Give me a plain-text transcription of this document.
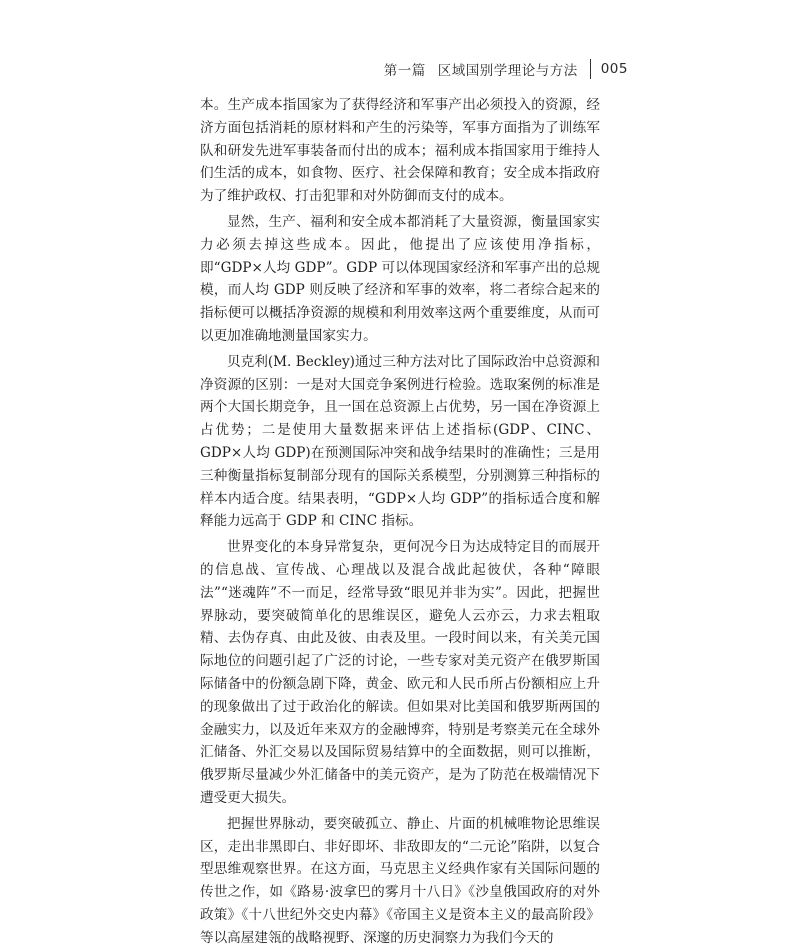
第一篇 区域国别学理论与方法 005

本。生产成本指国家为了获得经济和军事产出必须投入的资源，经济方面包括消耗的原材料和产生的污染等，军事方面指为了训练军队和研发先进军事装备而付出的成本；福利成本指国家用于维持人们生活的成本，如食物、医疗、社会保障和教育；安全成本指政府为了维护政权、打击犯罪和对外防御而支付的成本。

显然，生产、福利和安全成本都消耗了大量资源，衡量国家实力必须去掉这些成本。因此，他提出了应该使用净指标，即“GDP×人均 GDP”。GDP 可以体现国家经济和军事产出的总规模，而人均 GDP 则反映了经济和军事的效率，将二者综合起来的指标便可以概括净资源的规模和利用效率这两个重要维度，从而可以更加准确地测量国家实力。

贝克利(M. Beckley)通过三种方法对比了国际政治中总资源和净资源的区别：一是对大国竞争案例进行检验。选取案例的标准是两个大国长期竞争，且一国在总资源上占优势，另一国在净资源上占优势；二是使用大量数据来评估上述指标(GDP、CINC、GDP×人均 GDP)在预测国际冲突和战争结果时的准确性；三是用三种衡量指标复制部分现有的国际关系模型，分别测算三种指标的样本内适合度。结果表明，“GDP×人均 GDP”的指标适合度和解释能力远高于 GDP 和 CINC 指标。

世界变化的本身异常复杂，更何况今日为达成特定目的而展开的信息战、宣传战、心理战以及混合战此起彼伏，各种“障眼法”“迷魂阵”不一而足，经常导致“眼见并非为实”。因此，把握世界脉动，要突破简单化的思维误区，避免人云亦云，力求去粗取精、去伪存真、由此及彼、由表及里。一段时间以来，有关美元国际地位的问题引起了广泛的讨论，一些专家对美元资产在俄罗斯国际储备中的份额急剧下降，黄金、欧元和人民币所占份额相应上升的现象做出了过于政治化的解读。但如果对比美国和俄罗斯两国的金融实力，以及近年来双方的金融博弈，特别是考察美元在全球外汇储备、外汇交易以及国际贸易结算中的全面数据，则可以推断，俄罗斯尽量减少外汇储备中的美元资产，是为了防范在极端情况下遭受更大损失。

把握世界脉动，要突破孤立、静止、片面的机械唯物论思维误区，走出非黑即白、非好即坏、非敌即友的“二元论”陷阱，以复合型思维观察世界。在这方面，马克思主义经典作家有关国际问题的传世之作，如《路易·波拿巴的雾月十八日》《沙皇俄国政府的对外政策》《十八世纪外交史内幕》《帝国主义是资本主义的最高阶段》等以高屋建瓴的战略视野、深邃的历史洞察力为我们今天的
